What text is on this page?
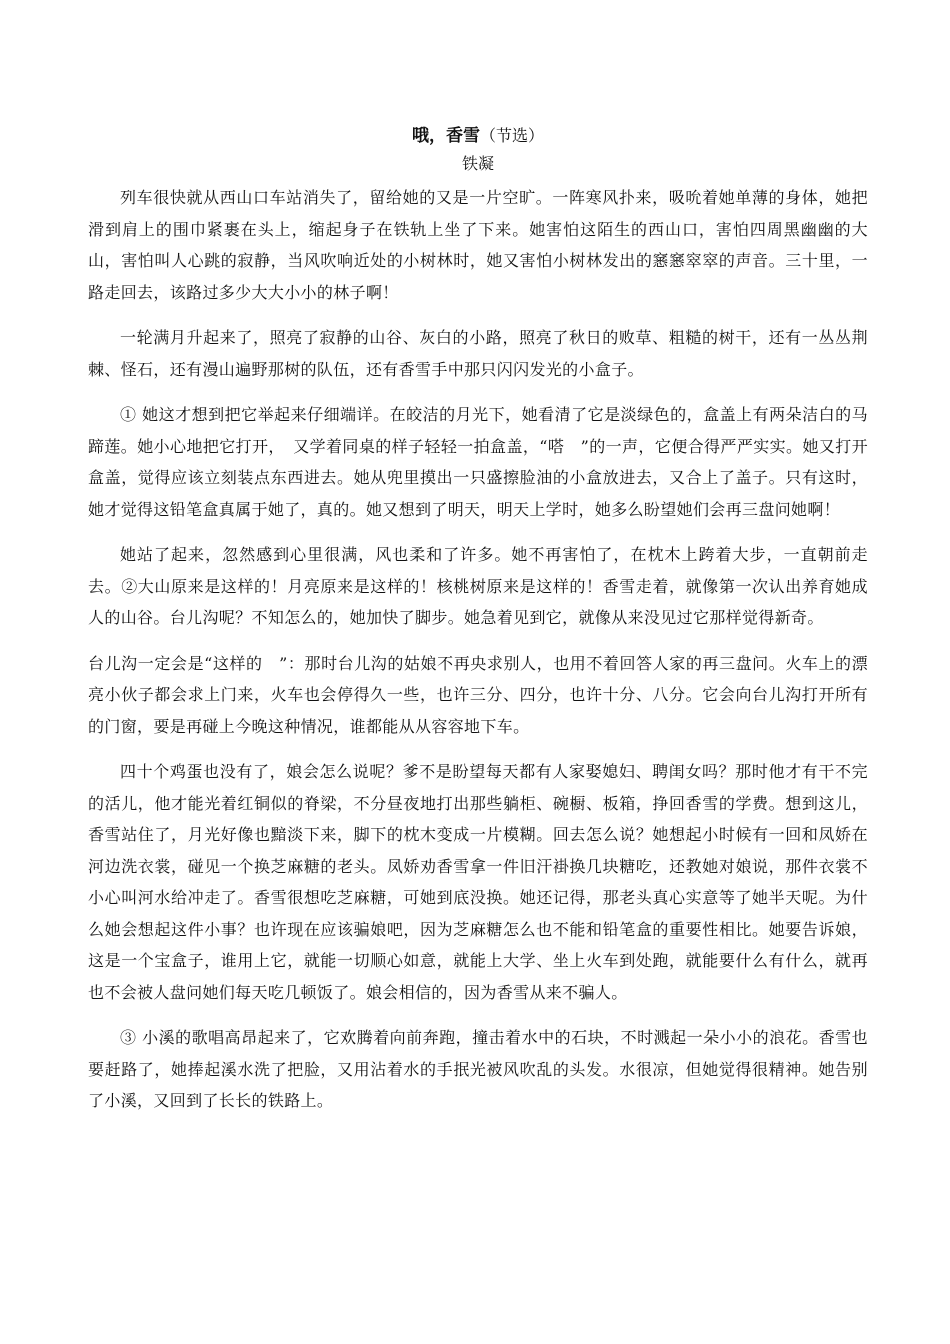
哦，香雪（节选）
铁凝

列车很快就从西山口车站消失了，留给她的又是一片空旷。一阵寒风扑来，吸吮着她单薄的身体，她把滑到肩上的围巾紧裹在头上，缩起身子在铁轨上坐了下来。她害怕这陌生的西山口，害怕四周黑幽幽的大山，害怕叫人心跳的寂静，当风吹响近处的小树林时，她又害怕小树林发出的窸窸窣窣的声音。三十里，一路走回去，该路过多少大大小小的林子啊！

一轮满月升起来了，照亮了寂静的山谷、灰白的小路，照亮了秋日的败草、粗糙的树干，还有一丛丛荆棘、怪石，还有漫山遍野那树的队伍，还有香雪手中那只闪闪发光的小盒子。

① 她这才想到把它举起来仔细端详。在皎洁的月光下，她看清了它是淡绿色的，盒盖上有两朵洁白的马蹄莲。她小心地把它打开，　又学着同桌的样子轻轻一拍盒盖，“嗒　”的一声，它便合得严严实实。她又打开盒盖，觉得应该立刻装点东西进去。她从兜里摸出一只盛擦脸油的小盒放进去，又合上了盖子。只有这时，她才觉得这铅笔盒真属于她了，真的。她又想到了明天，明天上学时，她多么盼望她们会再三盘问她啊！

她站了起来，忽然感到心里很满，风也柔和了许多。她不再害怕了，在枕木上跨着大步，一直朝前走去。②大山原来是这样的！月亮原来是这样的！核桃树原来是这样的！香雪走着，就像第一次认出养育她成人的山谷。台儿沟呢？不知怎么的，她加快了脚步。她急着见到它，就像从来没见过它那样觉得新奇。

台儿沟一定会是“这样的　”：那时台儿沟的姑娘不再央求别人，也用不着回答人家的再三盘问。火车上的漂亮小伙子都会求上门来，火车也会停得久一些，也许三分、四分，也许十分、八分。它会向台儿沟打开所有的门窗，要是再碰上今晚这种情况，谁都能从从容容地下车。

四十个鸡蛋也没有了，娘会怎么说呢？爹不是盼望每天都有人家娶媳妇、聘闺女吗？那时他才有干不完的活儿，他才能光着红铜似的脊梁，不分昼夜地打出那些躺柜、碗橱、板箱，挣回香雪的学费。想到这儿，香雪站住了，月光好像也黯淡下来，脚下的枕木变成一片模糊。回去怎么说？她想起小时候有一回和凤娇在河边洗衣裳，碰见一个换芝麻糖的老头。凤娇劝香雪拿一件旧汗褂换几块糖吃，还教她对娘说，那件衣裳不小心叫河水给冲走了。香雪很想吃芝麻糖，可她到底没换。她还记得，那老头真心实意等了她半天呢。为什么她会想起这件小事？也许现在应该骗娘吧，因为芝麻糖怎么也不能和铅笔盒的重要性相比。她要告诉娘，这是一个宝盒子，谁用上它，就能一切顺心如意，就能上大学、坐上火车到处跑，就能要什么有什么，就再也不会被人盘问她们每天吃几顿饭了。娘会相信的，因为香雪从来不骗人。

③ 小溪的歌唱高昂起来了，它欢腾着向前奔跑，撞击着水中的石块，不时溅起一朵小小的浪花。香雪也要赶路了，她捧起溪水洗了把脸，又用沾着水的手抿光被风吹乱的头发。水很凉，但她觉得很精神。她告别了小溪，又回到了长长的铁路上。
